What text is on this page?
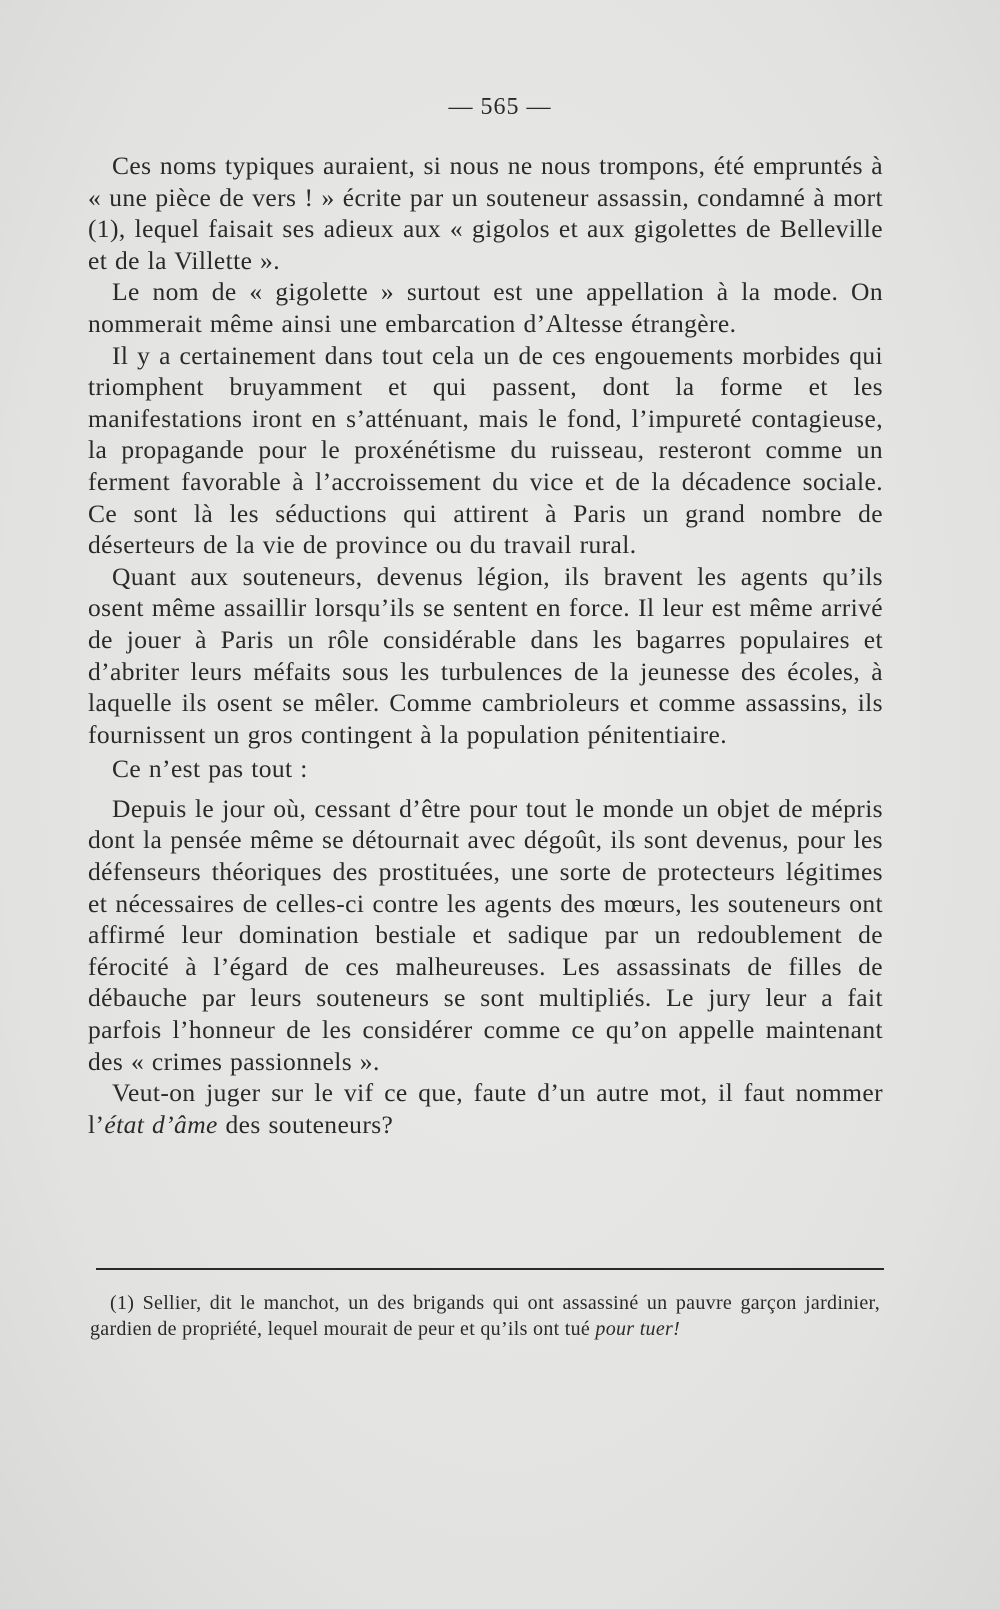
— 565 —

Ces noms typiques auraient, si nous ne nous trompons, été empruntés à « une pièce de vers ! » écrite par un souteneur assassin, condamné à mort (1), lequel faisait ses adieux aux « gigolos et aux gigolettes de Belleville et de la Villette ».

Le nom de « gigolette » surtout est une appellation à la mode. On nommerait même ainsi une embarcation d’Altesse étrangère.

Il y a certainement dans tout cela un de ces engouements morbides qui triomphent bruyamment et qui passent, dont la forme et les manifestations iront en s’atténuant, mais le fond, l’impureté contagieuse, la propagande pour le proxénétisme du ruisseau, resteront comme un ferment favorable à l’accroissement du vice et de la décadence sociale. Ce sont là les séductions qui attirent à Paris un grand nombre de déserteurs de la vie de province ou du travail rural.

Quant aux souteneurs, devenus légion, ils bravent les agents qu’ils osent même assaillir lorsqu’ils se sentent en force. Il leur est même arrivé de jouer à Paris un rôle considérable dans les bagarres populaires et d’abriter leurs méfaits sous les turbulences de la jeunesse des écoles, à laquelle ils osent se mêler. Comme cambrioleurs et comme assassins, ils fournissent un gros contingent à la population pénitentiaire.

Ce n’est pas tout :

Depuis le jour où, cessant d’être pour tout le monde un objet de mépris dont la pensée même se détournait avec dégoût, ils sont devenus, pour les défenseurs théoriques des prostituées, une sorte de protecteurs légitimes et nécessaires de celles-ci contre les agents des mœurs, les souteneurs ont affirmé leur domination bestiale et sadique par un redoublement de férocité à l’égard de ces malheureuses. Les assassinats de filles de débauche par leurs souteneurs se sont multipliés. Le jury leur a fait parfois l’honneur de les considérer comme ce qu’on appelle maintenant des « crimes passionnels ».

Veut-on juger sur le vif ce que, faute d’un autre mot, il faut nommer l’état d’âme des souteneurs?

(1) Sellier, dit le manchot, un des brigands qui ont assassiné un pauvre garçon jardinier, gardien de propriété, lequel mourait de peur et qu’ils ont tué pour tuer!
